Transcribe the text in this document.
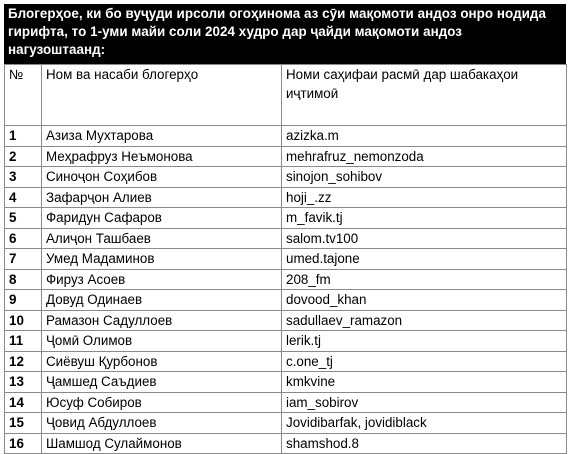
Блогерҳое, ки бо вуҷуди ирсоли огоҳинома аз сӯи мақомоти андоз онро нодида гирифта, то 1-уми майи соли 2024 худро дар ҷайди мақомоти андоз нагузоштаанд:
№	Ном ва насаби блогерҳо	Номи саҳифаи расмӣ дар шабакаҳои иҷтимоӣ
1	Азиза Мухтарова	azizka.m
2	Меҳрафруз Неъмонова	mehrafruz_nemonzoda
3	Синоҷон Соҳибов	sinojon_sohibov
4	Зафарҷон Алиев	hoji_.zz
5	Фаридун Сафаров	m_favik.tj
6	Алиҷон Ташбаев	salom.tv100
7	Умед Мадаминов	umed.tajone
8	Фируз Асоев	208_fm
9	Довуд Одинаев	dovood_khan
10	Рамазон Садуллоев	sadullaev_ramazon
11	Ҷомӣ Олимов	lerik.tj
12	Сиёвуш Қурбонов	c.one_tj
13	Ҷамшед Саъдиев	kmkvine
14	Юсуф Собиров	iam_sobirov
15	Ҷовид Абдуллоев	Jovidibarfak, jovidiblack
16	Шамшод Сулаймонов	shamshod.8
